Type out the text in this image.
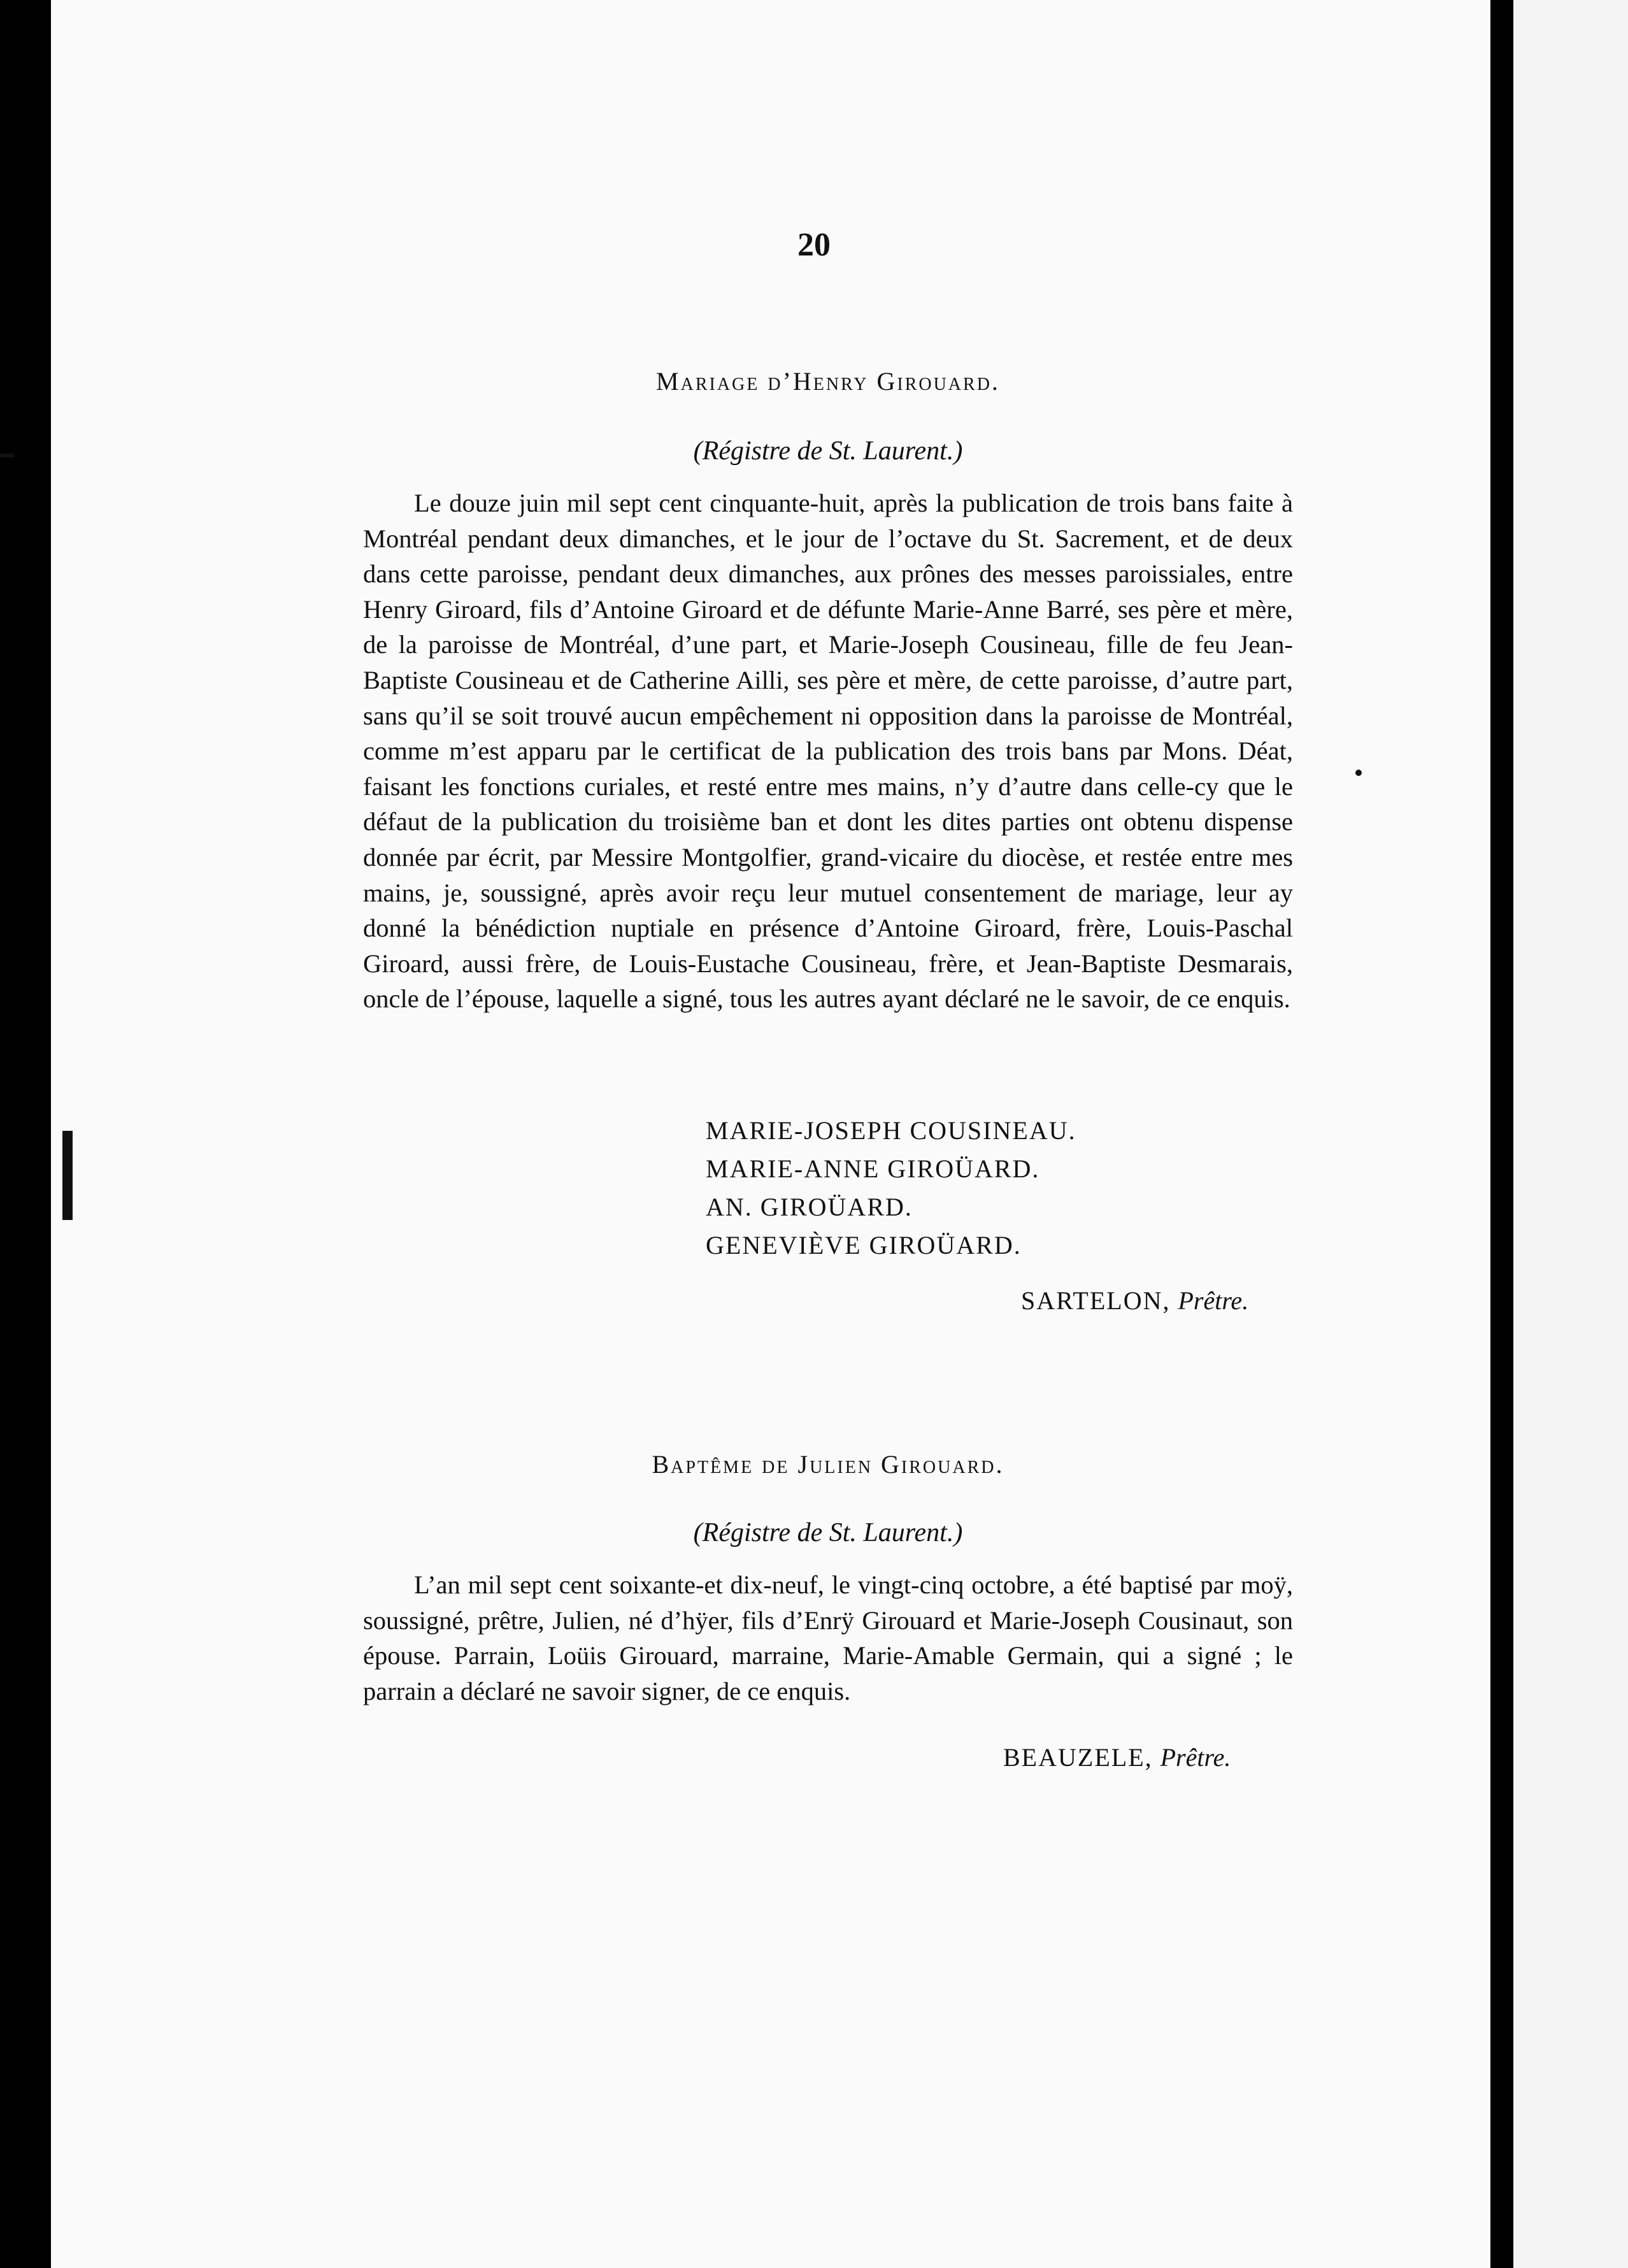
20

Mariage d’Henry Girouard.

(Régistre de St. Laurent.)

Le douze juin mil sept cent cinquante-huit, après la publication de trois bans faite à Montréal pendant deux dimanches, et le jour de l’octave du St. Sacrement, et de deux dans cette paroisse, pendant deux dimanches, aux prônes des messes paroissiales, entre Henry Giroard, fils d’Antoine Giroard et de défunte Marie-Anne Barré, ses père et mère, de la paroisse de Montréal, d’une part, et Marie-Joseph Cousineau, fille de feu Jean-Baptiste Cousineau et de Catherine Ailli, ses père et mère, de cette paroisse, d’autre part, sans qu’il se soit trouvé aucun empêchement ni opposition dans la paroisse de Montréal, comme m’est apparu par le certificat de la publication des trois bans par Mons. Déat, faisant les fonctions curiales, et resté entre mes mains, n’y d’autre dans celle-cy que le défaut de la publication du troisième ban et dont les dites parties ont obtenu dispense donnée par écrit, par Messire Montgolfier, grand-vicaire du diocèse, et restée entre mes mains, je, soussigné, après avoir reçu leur mutuel consentement de mariage, leur ay donné la bénédiction nuptiale en présence d’Antoine Giroard, frère, Louis-Paschal Giroard, aussi frère, de Louis-Eustache Cousineau, frère, et Jean-Baptiste Desmarais, oncle de l’épouse, laquelle a signé, tous les autres ayant déclaré ne le savoir, de ce enquis.

MARIE-JOSEPH COUSINEAU.
MARIE-ANNE GIROÜARD.
AN. GIROÜARD.
GENEVIÈVE GIROÜARD.
SARTELON, Prêtre.

Baptême de Julien Girouard.

(Régistre de St. Laurent.)

L’an mil sept cent soixante-et dix-neuf, le vingt-cinq octobre, a été baptisé par moÿ, soussigné, prêtre, Julien, né d’hÿer, fils d’Enrÿ Girouard et Marie-Joseph Cousinaut, son épouse. Parrain, Loüis Girouard, marraine, Marie-Amable Germain, qui a signé ; le parrain a déclaré ne savoir signer, de ce enquis.

BEAUZELE, Prêtre.
